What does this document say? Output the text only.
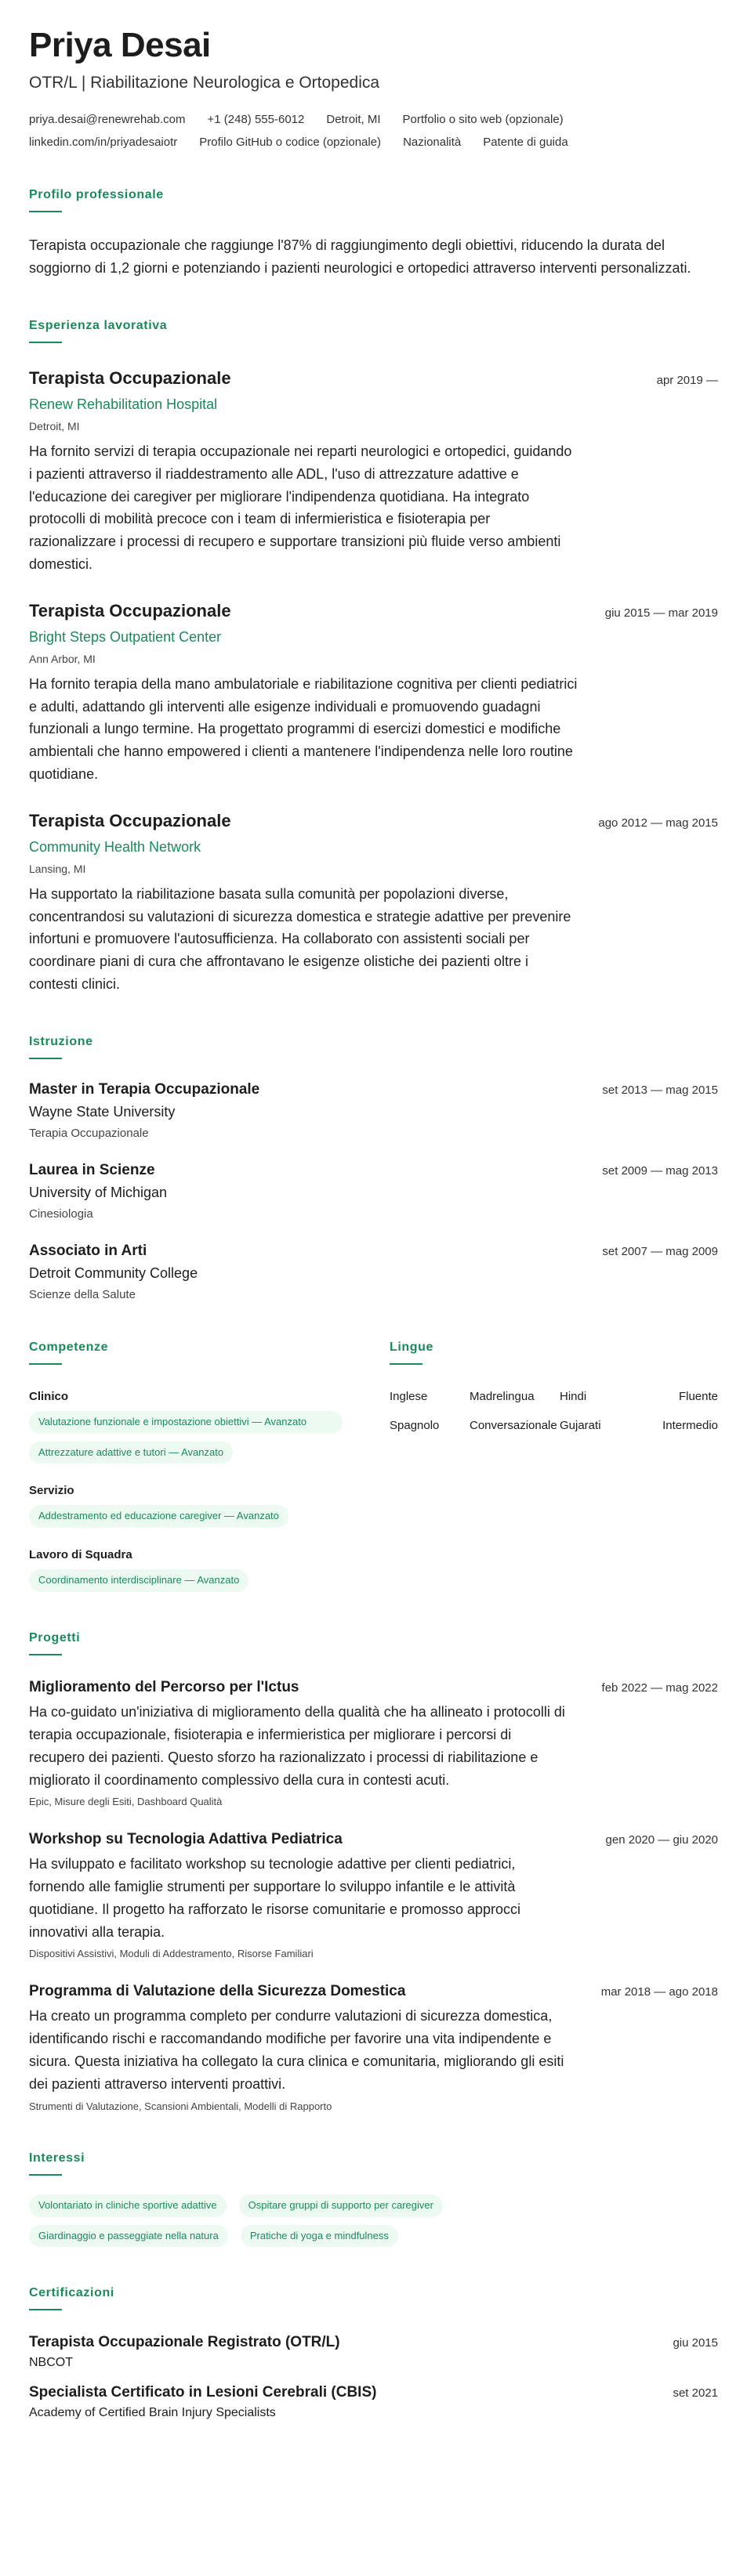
Priya Desai
OTR/L | Riabilitazione Neurologica e Ortopedica
priya.desai@renewrehab.com +1 (248) 555-6012 Detroit, MI Portfolio o sito web (opzionale)
linkedin.com/in/priyadesaiotr Profilo GitHub o codice (opzionale) Nazionalità Patente di guida
Profilo professionale
Terapista occupazionale che raggiunge l'87% di raggiungimento degli obiettivi, riducendo la durata del soggiorno di 1,2 giorni e potenziando i pazienti neurologici e ortopedici attraverso interventi personalizzati.
Esperienza lavorativa
Terapista Occupazionale	apr 2019 —
Renew Rehabilitation Hospital
Detroit, MI
Ha fornito servizi di terapia occupazionale nei reparti neurologici e ortopedici, guidando i pazienti attraverso il riaddestramento alle ADL, l'uso di attrezzature adattive e l'educazione dei caregiver per migliorare l'indipendenza quotidiana. Ha integrato protocolli di mobilità precoce con i team di infermieristica e fisioterapia per razionalizzare i processi di recupero e supportare transizioni più fluide verso ambienti domestici.
Terapista Occupazionale	giu 2015 — mar 2019
Bright Steps Outpatient Center
Ann Arbor, MI
Ha fornito terapia della mano ambulatoriale e riabilitazione cognitiva per clienti pediatrici e adulti, adattando gli interventi alle esigenze individuali e promuovendo guadagni funzionali a lungo termine. Ha progettato programmi di esercizi domestici e modifiche ambientali che hanno empowered i clienti a mantenere l'indipendenza nelle loro routine quotidiane.
Terapista Occupazionale	ago 2012 — mag 2015
Community Health Network
Lansing, MI
Ha supportato la riabilitazione basata sulla comunità per popolazioni diverse, concentrandosi su valutazioni di sicurezza domestica e strategie adattive per prevenire infortuni e promuovere l'autosufficienza. Ha collaborato con assistenti sociali per coordinare piani di cura che affrontavano le esigenze olistiche dei pazienti oltre i contesti clinici.
Istruzione
Master in Terapia Occupazionale	set 2013 — mag 2015
Wayne State University
Terapia Occupazionale
Laurea in Scienze	set 2009 — mag 2013
University of Michigan
Cinesiologia
Associato in Arti	set 2007 — mag 2009
Detroit Community College
Scienze della Salute
Competenze
Clinico
Valutazione funzionale e impostazione obiettivi — Avanzato
Attrezzature adattive e tutori — Avanzato
Servizio
Addestramento ed educazione caregiver — Avanzato
Lavoro di Squadra
Coordinamento interdisciplinare — Avanzato
Lingue
Inglese	Madrelingua	Hindi	Fluente
Spagnolo	Conversazionale Gujarati	Intermedio
Progetti
Miglioramento del Percorso per l'Ictus	feb 2022 — mag 2022
Ha co-guidato un'iniziativa di miglioramento della qualità che ha allineato i protocolli di terapia occupazionale, fisioterapia e infermieristica per migliorare i percorsi di recupero dei pazienti. Questo sforzo ha razionalizzato i processi di riabilitazione e migliorato il coordinamento complessivo della cura in contesti acuti.
Epic, Misure degli Esiti, Dashboard Qualità
Workshop su Tecnologia Adattiva Pediatrica	gen 2020 — giu 2020
Ha sviluppato e facilitato workshop su tecnologie adattive per clienti pediatrici, fornendo alle famiglie strumenti per supportare lo sviluppo infantile e le attività quotidiane. Il progetto ha rafforzato le risorse comunitarie e promosso approcci innovativi alla terapia.
Dispositivi Assistivi, Moduli di Addestramento, Risorse Familiari
Programma di Valutazione della Sicurezza Domestica	mar 2018 — ago 2018
Ha creato un programma completo per condurre valutazioni di sicurezza domestica, identificando rischi e raccomandando modifiche per favorire una vita indipendente e sicura. Questa iniziativa ha collegato la cura clinica e comunitaria, migliorando gli esiti dei pazienti attraverso interventi proattivi.
Strumenti di Valutazione, Scansioni Ambientali, Modelli di Rapporto
Interessi
Volontariato in cliniche sportive adattive	Ospitare gruppi di supporto per caregiver
Giardinaggio e passeggiate nella natura	Pratiche di yoga e mindfulness
Certificazioni
Terapista Occupazionale Registrato (OTR/L)	giu 2015
NBCOT
Specialista Certificato in Lesioni Cerebrali (CBIS)	set 2021
Academy of Certified Brain Injury Specialists
